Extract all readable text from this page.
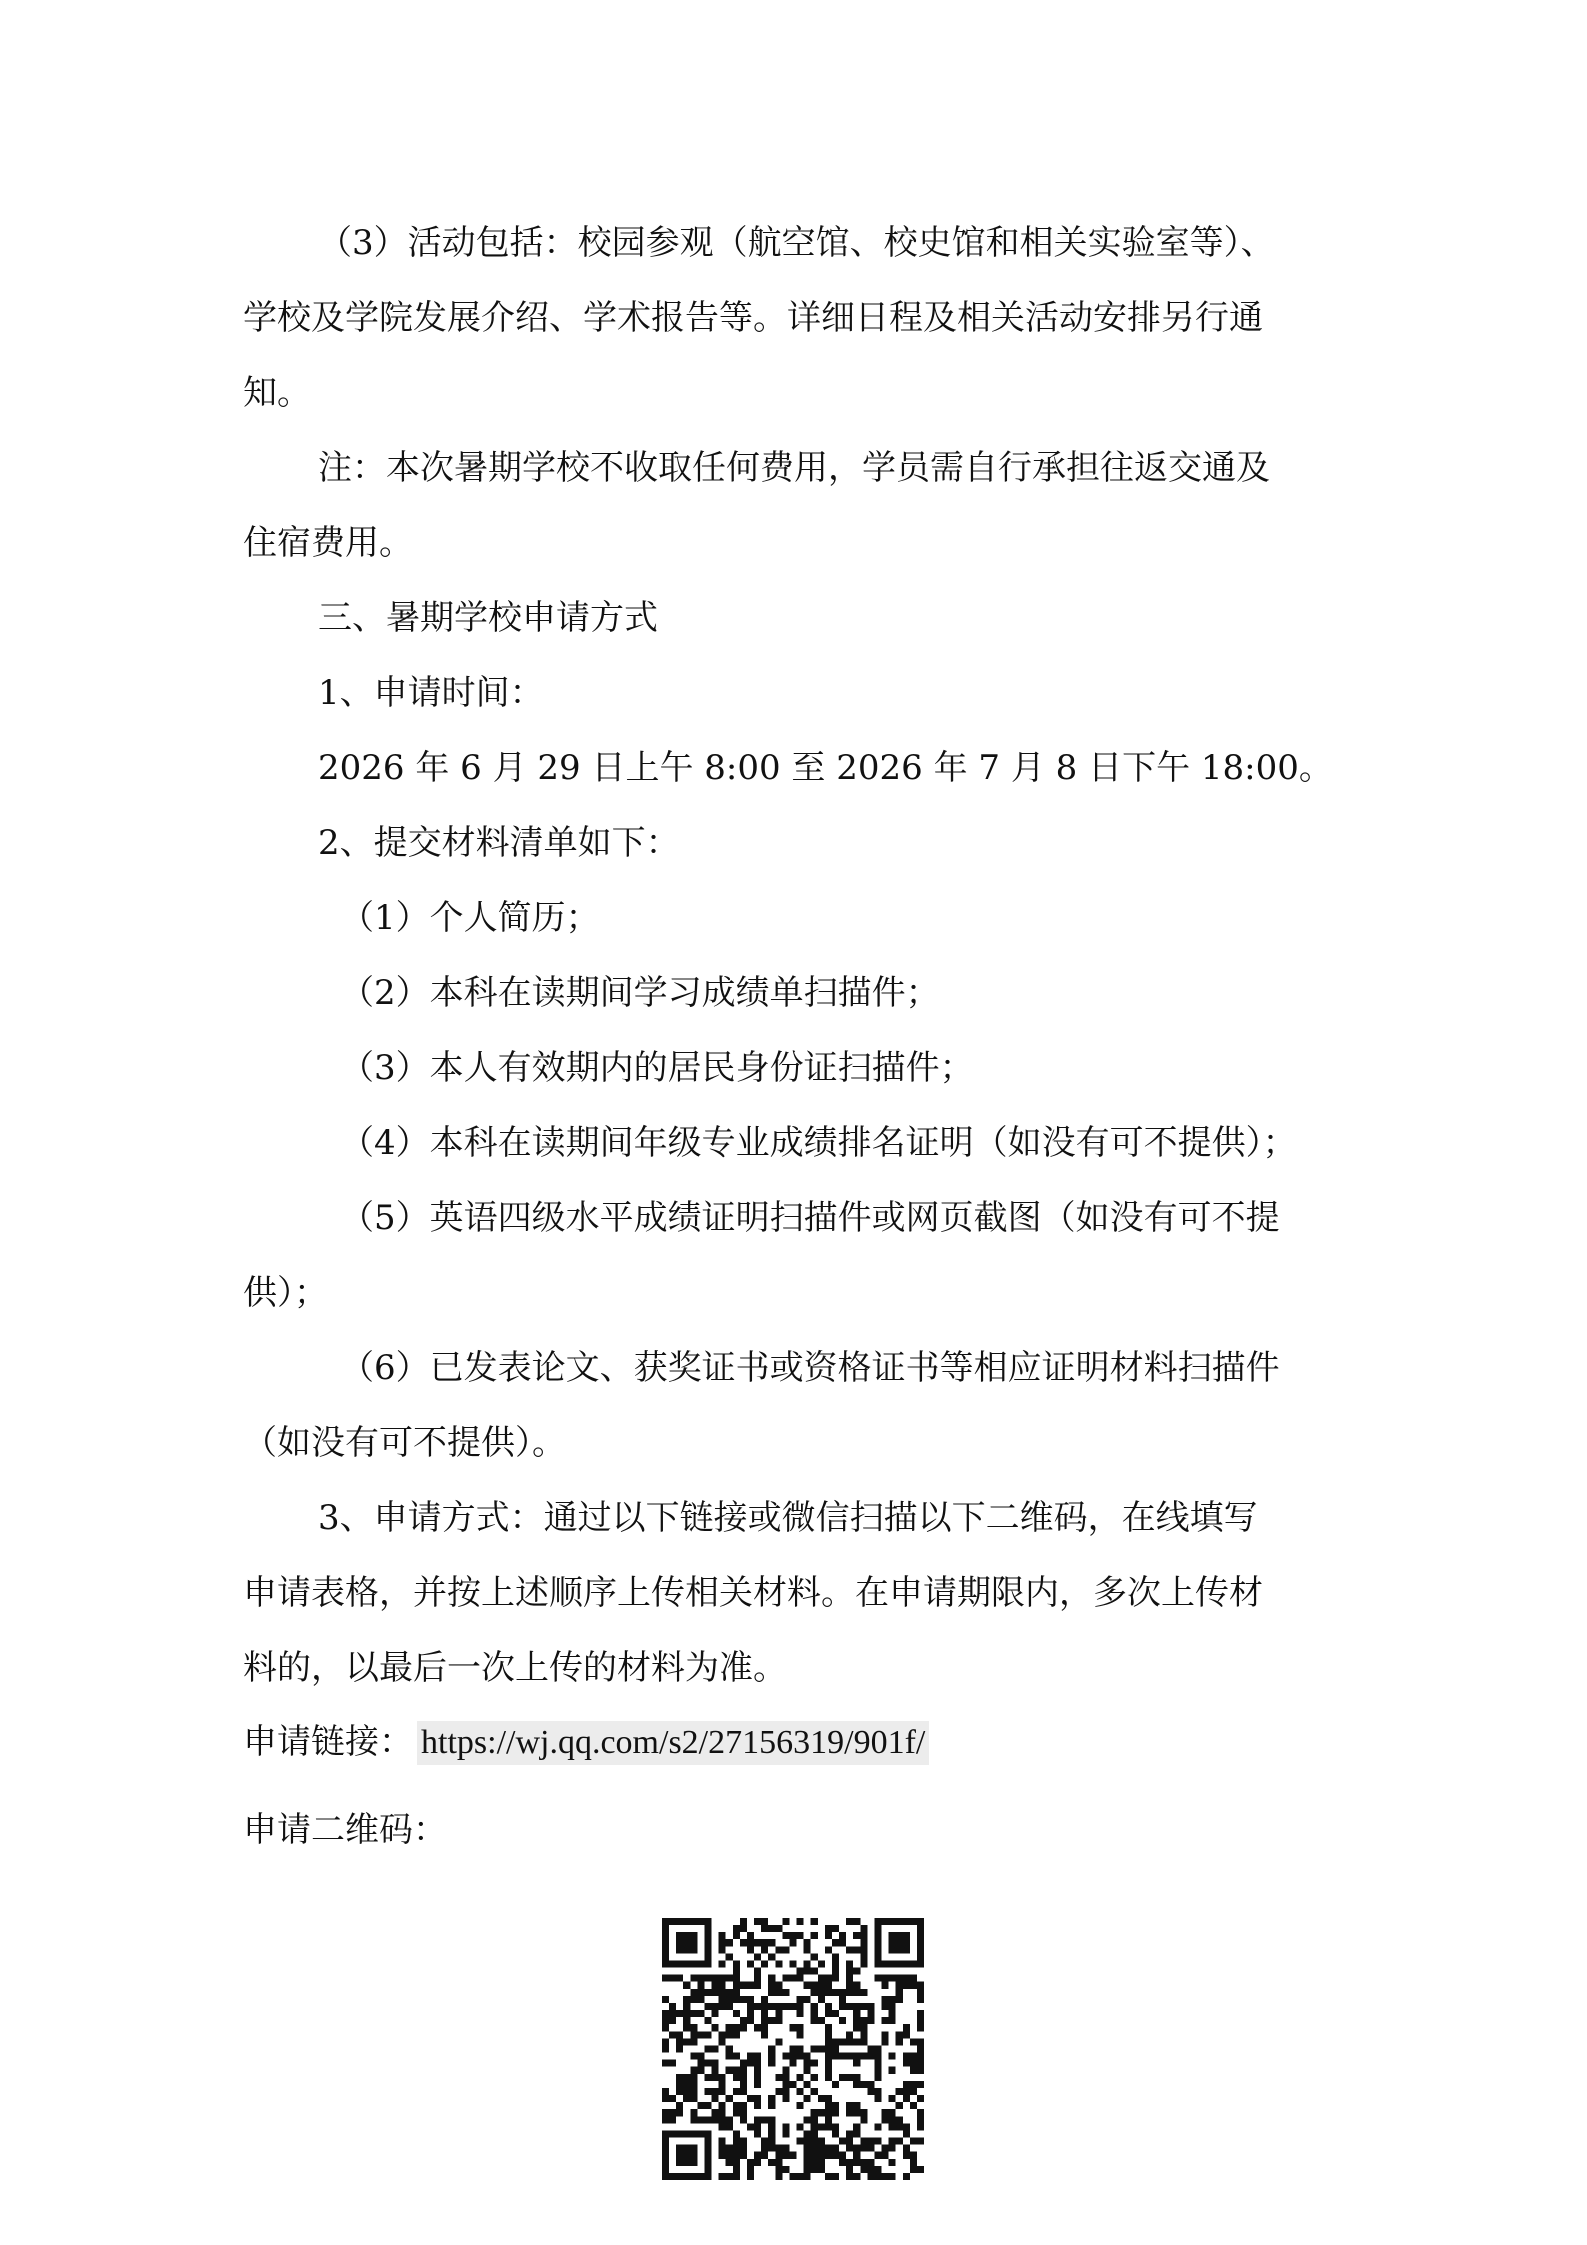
（3）活动包括：校园参观（航空馆、校史馆和相关实验室等）、
学校及学院发展介绍、学术报告等。详细日程及相关活动安排另行通
知。
注：本次暑期学校不收取任何费用，学员需自行承担往返交通及
住宿费用。
三、暑期学校申请方式
1、申请时间：
2026 年 6 月 29 日上午 8:00 至 2026 年 7 月 8 日下午 18:00。
2、提交材料清单如下：
（1）个人简历；
（2）本科在读期间学习成绩单扫描件；
（3）本人有效期内的居民身份证扫描件；
（4）本科在读期间年级专业成绩排名证明（如没有可不提供）；
（5）英语四级水平成绩证明扫描件或网页截图（如没有可不提
供）；
（6）已发表论文、获奖证书或资格证书等相应证明材料扫描件
（如没有可不提供）。
3、申请方式：通过以下链接或微信扫描以下二维码，在线填写
申请表格，并按上述顺序上传相关材料。在申请期限内，多次上传材
料的，以最后一次上传的材料为准。
申请链接： https://wj.qq.com/s2/27156319/901f/
申请二维码：
